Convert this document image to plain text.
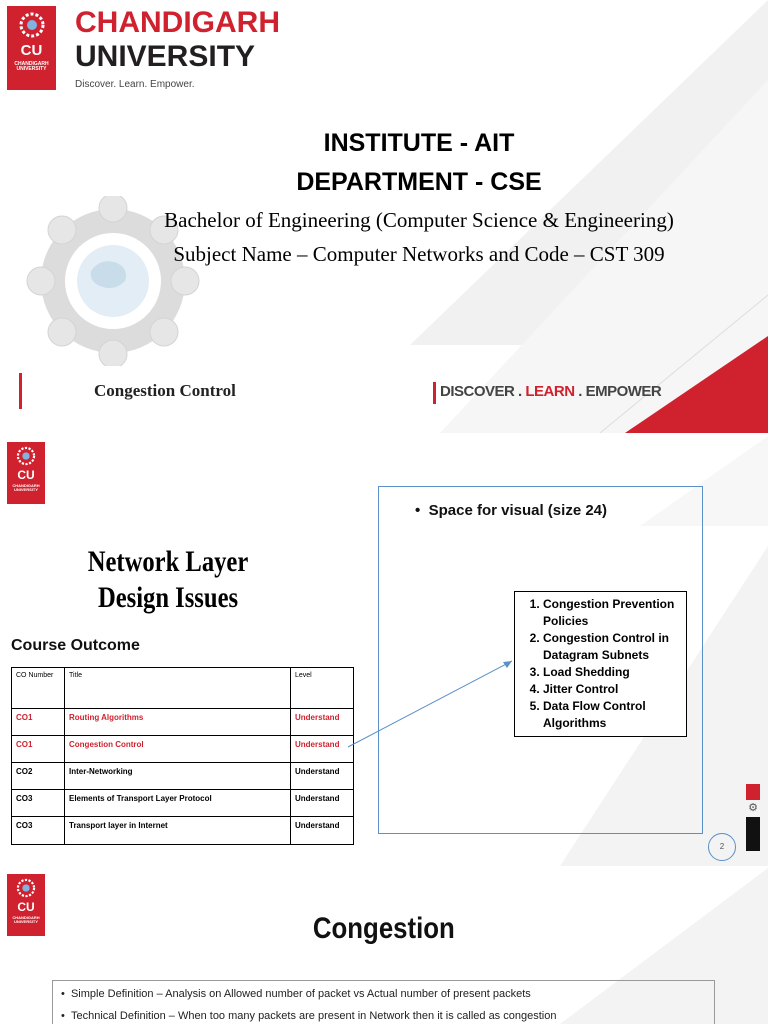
CU
CHANDIGARH UNIVERSITY
CHANDIGARH
UNIVERSITY
Discover. Learn. Empower.
INSTITUTE - AIT
DEPARTMENT - CSE
Bachelor of Engineering (Computer Science & Engineering)
Subject Name – Computer Networks and Code – CST 309
Congestion Control	DISCOVER . LEARN . EMPOWER
CU
CHANDIGARH UNIVERSITY
Network Layer
Design Issues
Course Outcome
CO Number	Title	Level
CO1	Routing Algorithms	Understand
CO1	Congestion Control	Understand
CO2	Inter-Networking	Understand
CO3	Elements of Transport Layer Protocol	Understand
CO3	Transport layer in Internet	Understand
•  Space for visual (size 24)
1. Congestion Prevention Policies
2. Congestion Control in Datagram Subnets
3. Load Shedding
4. Jitter Control
5. Data Flow Control Algorithms
⚙
2
CU
CHANDIGARH UNIVERSITY	Congestion
•  Simple Definition – Analysis on Allowed number of packet vs Actual number of present packets
•  Technical Definition – When too many packets are present in Network then it is called as congestion
